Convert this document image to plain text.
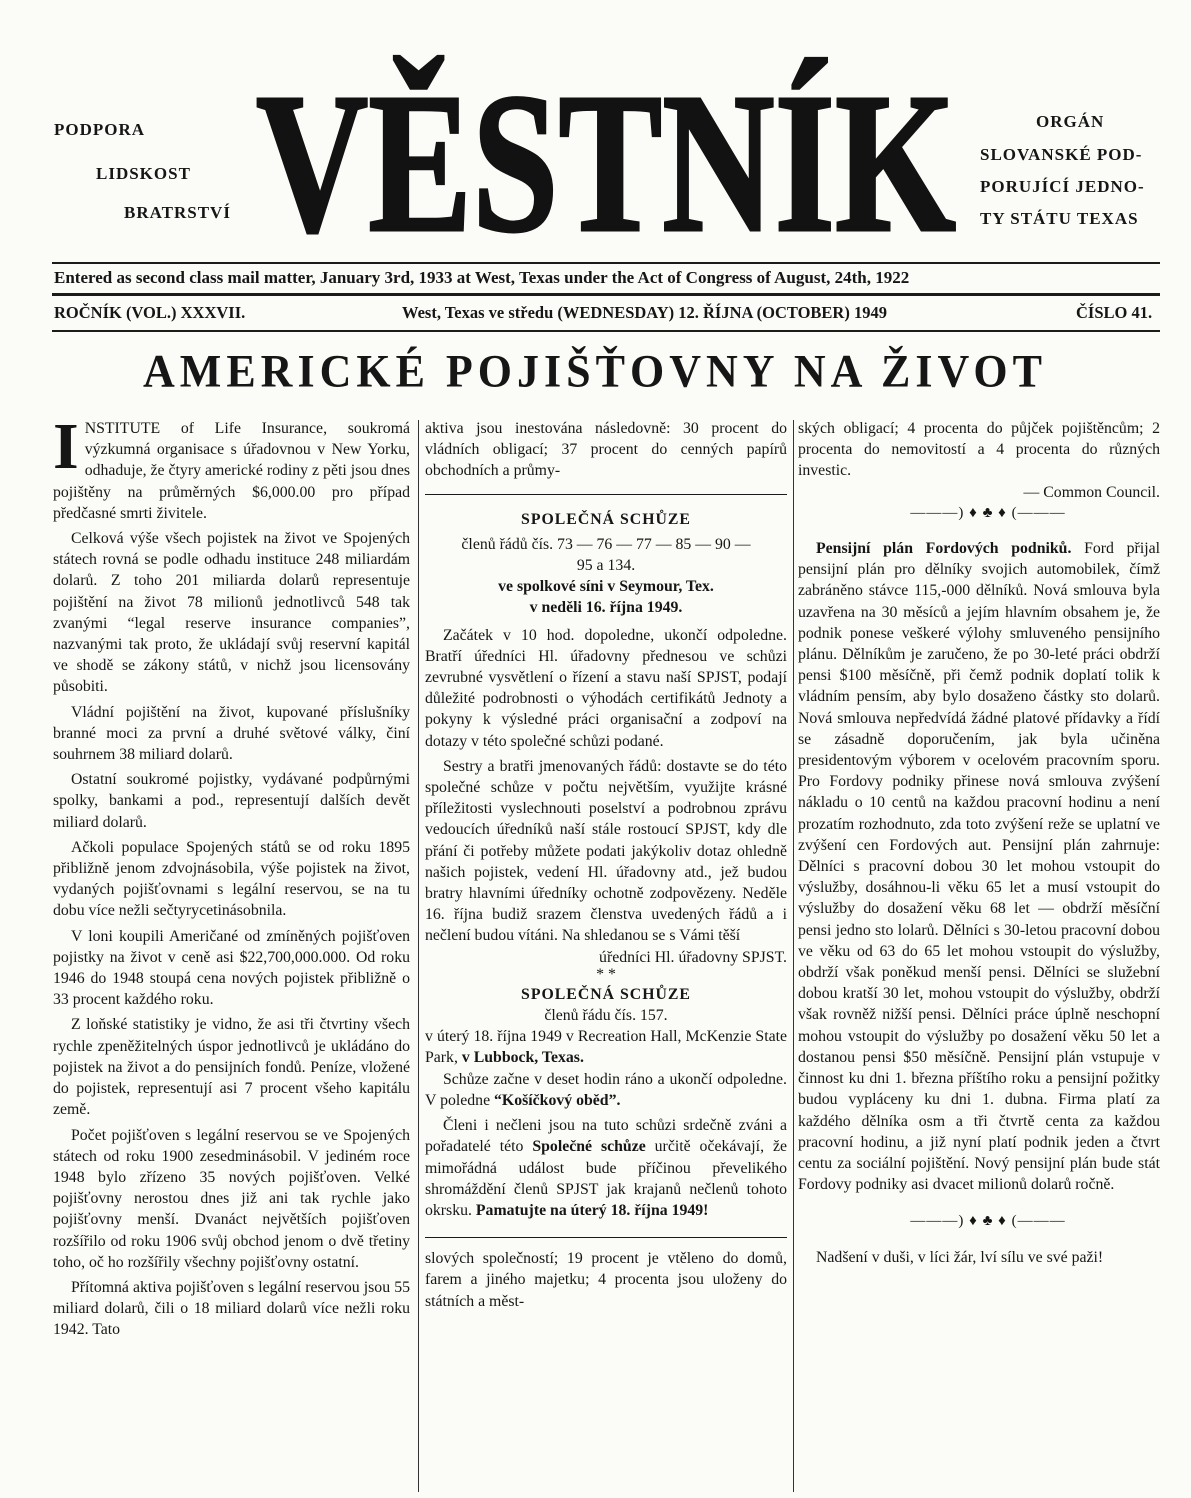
PODPORA
LIDSKOST
BRATRSTVÍ VĚSTNÍK	ORGÁN
SLOVANSKÉ POD-
PORUJÍCÍ JEDNO-
TY STÁTU TEXAS
Entered as second class mail matter, January 3rd, 1933 at West, Texas under the Act of Congress of August, 24th, 1922
ROČNÍK (VOL.) XXXVII.	West, Texas ve středu (WEDNESDAY) 12. ŘÍJNA (OCTOBER) 1949	ČÍSLO 41.
AMERICKÉ POJIŠŤOVNY NA ŽIVOT

INSTITUTE of Life Insurance, soukromá výzkumná organisace s úřadovnou v New Yorku, odhaduje, že čtyry americké rodiny z pěti jsou dnes pojištěny na průměrných $6,000.00 pro případ předčasné smrti živitele.

Celková výše všech pojistek na život ve Spojených státech rovná se podle odhadu instituce 248 miliardám dolarů. Z toho 201 miliarda dolarů representuje pojištění na život 78 milionů jednotlivců 548 tak zvanými “legal reserve insurance companies”, nazvanými tak proto, že ukládají svůj reservní kapitál ve shodě se zákony států, v nichž jsou licensovány působiti.

Vládní pojištění na život, kupované příslušníky branné moci za první a druhé světové války, činí souhrnem 38 miliard dolarů.

Ostatní soukromé pojistky, vydávané podpůrnými spolky, bankami a pod., representují dalších devět miliard dolarů.

Ačkoli populace Spojených států se od roku 1895 přibližně jenom zdvojnásobila, výše pojistek na život, vydaných pojišťovnami s legální reservou, se na tu dobu více nežli sečtyrycetinásobnila.

V loni koupili Američané od zmíněných pojišťoven pojistky na život v ceně asi $22,700,000.000. Od roku 1946 do 1948 stoupá cena nových pojistek přibližně o 33 procent každého roku.

Z loňské statistiky je vidno, že asi tři čtvrtiny všech rychle zpeněžitelných úspor jednotlivců je ukládáno do pojistek na život a do pensijních fondů. Peníze, vložené do pojistek, representují asi 7 procent všeho kapitálu země.

Počet pojišťoven s legální reservou se ve Spojených státech od roku 1900 zesedminásobil. V jediném roce 1948 bylo zřízeno 35 nových pojišťoven. Velké pojišťovny nerostou dnes již ani tak rychle jako pojišťovny menší. Dvanáct největších pojišťoven rozšířilo od roku 1906 svůj obchod jenom o dvě třetiny toho, oč ho rozšířily všechny pojišťovny ostatní.

Přítomná aktiva pojišťoven s legální reservou jsou 55 miliard dolarů, čili o 18 miliard dolarů více nežli roku 1942. Tato

aktiva jsou inestována následovně: 30 procent do vládních obligací; 37 procent do cenných papírů obchodních a průmy-

SPOLEČNÁ SCHŮZE

členů řádů čís. 73 — 76 — 77 — 85 — 90 — 95 a 134.

ve spolkové síni v Seymour, Tex.

v neděli 16. října 1949.

Začátek v 10 hod. dopoledne, ukončí odpoledne. Bratří úředníci Hl. úřadovny přednesou ve schůzi zevrubné vysvětlení o řízení a stavu naší SPJST, podají důležité podrobnosti o výhodách certifikátů Jednoty a pokyny k výsledné práci organisační a zodpoví na dotazy v této společné schůzi podané.

Sestry a bratři jmenovaných řádů: dostavte se do této společné schůze v počtu největším, využijte krásné příležitosti vyslechnouti poselství a podrobnou zprávu vedoucích úředníků naší stále rostoucí SPJST, kdy dle přání či potřeby můžete podati jakýkoliv dotaz ohledně našich pojistek, vedení Hl. úřadovny atd., jež budou bratry hlavními úředníky ochotně zodpovězeny. Neděle 16. října budiž srazem členstva uvedených řádů a i nečlení budou vítáni. Na shledanou se s Vámi těší

úředníci Hl. úřadovny SPJST.

* *

SPOLEČNÁ SCHŮZE

členů řádu čís. 157.

v úterý 18. října 1949 v Recreation Hall, McKenzie State Park, v Lubbock, Texas.

Schůze začne v deset hodin ráno a ukončí odpoledne. V poledne “Košíčkový oběd”.

Členi i nečleni jsou na tuto schůzi srdečně zváni a pořadatelé této Společné schůze určitě očekávají, že mimořádná událost bude příčinou převelikého shromáždění členů SPJST jak krajanů nečlenů tohoto okrsku. Pamatujte na úterý 18. října 1949!

slových společností; 19 procent je vtěleno do domů, farem a jiného majetku; 4 procenta jsou uloženy do státních a měst-

ských obligací; 4 procenta do půjček pojištěncům; 2 procenta do nemovitostí a 4 procenta do různých investic.

— Common Council.

———) ♦ ♣ ♦ (———

Pensijní plán Fordových podniků. Ford přijal pensijní plán pro dělníky svojich automobilek, čímž zabráněno stávce 115,-000 dělníků. Nová smlouva byla uzavřena na 30 měsíců a jejím hlavním obsahem je, že podnik ponese veškeré výlohy smluveného pensijního plánu. Dělníkům je zaručeno, že po 30-leté práci obdrží pensi $100 měsíčně, při čemž podnik doplatí tolik k vládním pensím, aby bylo dosaženo částky sto dolarů. Nová smlouva nepředvídá žádné platové přídavky a řídí se zásadně doporučením, jak byla učiněna presidentovým výborem v ocelovém pracovním sporu. Pro Fordovy podniky přinese nová smlouva zvýšení nákladu o 10 centů na každou pracovní hodinu a není prozatím rozhodnuto, zda toto zvýšení reže se uplatní ve zvýšení cen Fordových aut. Pensijní plán zahrnuje: Dělníci s pracovní dobou 30 let mohou vstoupit do výslužby, dosáhnou-li věku 65 let a musí vstoupit do výslužby do dosažení věku 68 let — obdrží měsíční pensi jedno sto lolarů. Dělníci s 30-letou pracovní dobou ve věku od 63 do 65 let mohou vstoupit do výslužby, obdrží však poněkud menší pensi. Dělníci se služební dobou kratší 30 let, mohou vstoupit do výslužby, obdrží však rovněž nižší pensi. Dělníci práce úplně neschopní mohou vstoupit do výslužby po dosažení věku 50 let a dostanou pensi $50 měsíčně. Pensijní plán vstupuje v činnost ku dni 1. března příštího roku a pensijní požitky budou vypláceny ku dni 1. dubna. Firma platí za každého dělníka osm a tři čtvrtě centa za každou pracovní hodinu, a již nyní platí podnik jeden a čtvrt centu za sociální pojištění. Nový pensijní plán bude stát Fordovy podniky asi dvacet milionů dolarů ročně.

———) ♦ ♣ ♦ (———

Nadšení v duši, v líci žár, lví sílu ve své paži!
